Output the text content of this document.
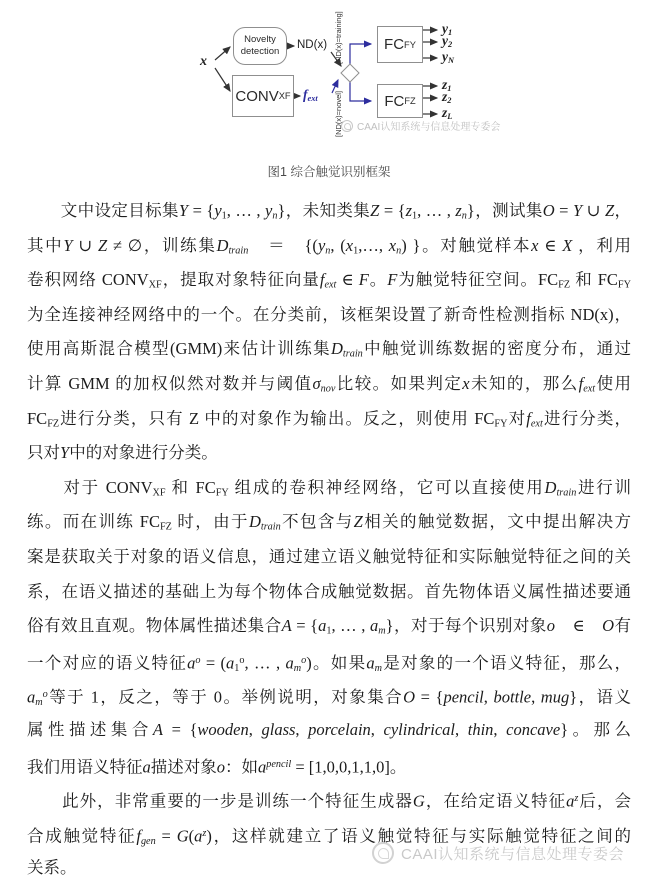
x
Novelty
detection
CONV XF
ND(x)
fext
[ND(x)=training]
[ND(x)=novel]
FC FY
FC FZ
y1
y2
yN
z1
z2
zL
CAAI认知系统与信息处理专委会
图1 综合触觉识别框架
　　文中设定目标集Y = {y1, … , yn}，未知类集Z = {z1, … , zn}，测试集O = Y ∪ Z，
其中Y ∪ Z ≠ ∅，训练集Dtrain　＝　{(yn, (x1,…, xn) }。对触觉样本x ∈ X ，利用
卷积网络 CONVXF，提取对象特征向量fext ∈ F。F为触觉特征空间。FCFZ 和 FCFY
为全连接神经网络中的一个。在分类前，该框架设置了新奇性检测指标 ND(x)，
使用高斯混合模型(GMM)来估计训练集Dtrain中触觉训练数据的密度分布，通过
计算 GMM 的加权似然对数并与阈值σnov比较。如果判定x未知的，那么fext使用
FCFZ进行分类，只有 Z 中的对象作为输出。反之，则使用 FCFY对fext进行分类，
只对Y中的对象进行分类。
　　对于 CONVXF 和 FCFY 组成的卷积神经网络，它可以直接使用Dtrain进行训
练。而在训练 FCFZ 时，由于Dtrain不包含与Z相关的触觉数据，文中提出解决方
案是获取关于对象的语义信息，通过建立语义触觉特征和实际触觉特征之间的关
系，在语义描述的基础上为每个物体合成触觉数据。首先物体语义属性描述要通
俗有效且直观。物体属性描述集合A = {a1, … , am}，对于每个识别对象o　∈　O有
一个对应的语义特征$a^o = (a1^o$, … , $am^o$)。如果am是对象的一个语义特征，那么，
$am^o$等于 1，反之，等于 0。举例说明，对象集合O = {pencil, bottle, mug}，语义
属性描述集合A = {wooden, glass, porcelain, cylindrical, thin, concave}。那么
我们用语义特征a描述对象o：如$a^{pencil} = [1,0,0,1,1,0]$。
　　此外，非常重要的一步是训练一个特征生成器G，在给定语义特征$a^z$后，会
合成触觉特征fgen = $G(a^z)$，这样就建立了语义触觉特征与实际触觉特征之间的
关系。
CAAI认知系统与信息处理专委会
